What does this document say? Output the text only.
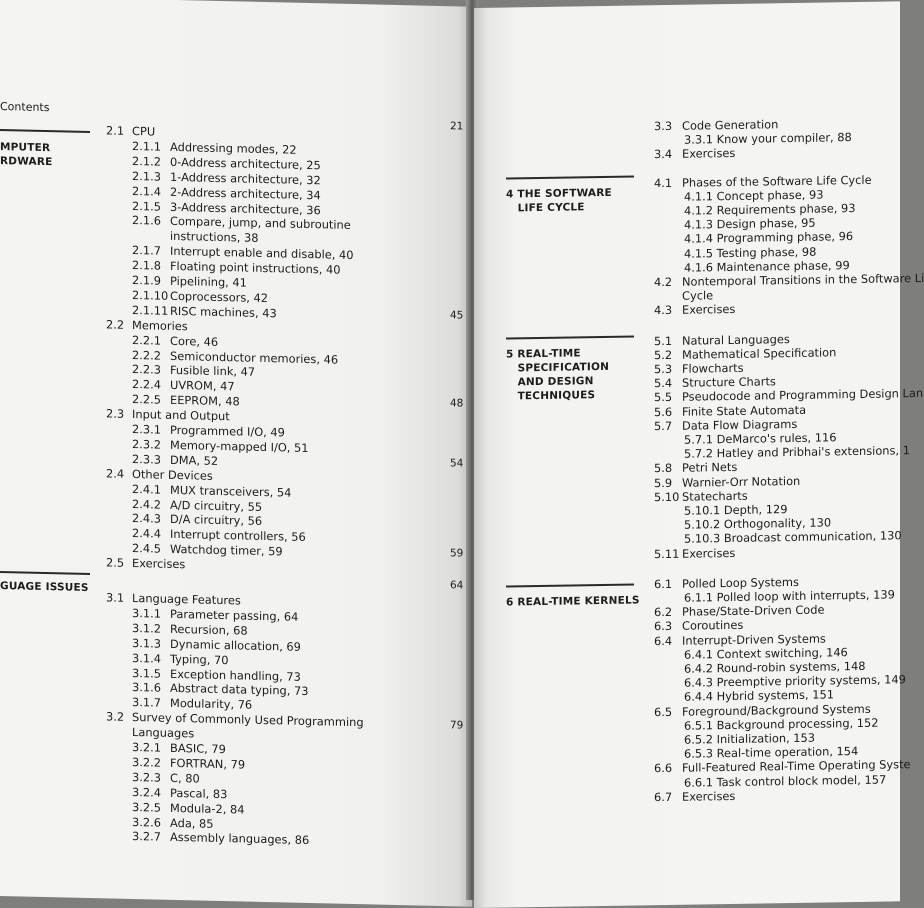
Contents
MPUTER
RDWARE
GUAGE ISSUES
21
45
48
54
59
64
79
2.1 CPU
2.1.1 Addressing modes, 22
2.1.2 0-Address architecture, 25
2.1.3 1-Address architecture, 32
2.1.4 2-Address architecture, 34
2.1.5 3-Address architecture, 36
2.1.6 Compare, jump, and subroutine
instructions, 38
2.1.7 Interrupt enable and disable, 40
2.1.8 Floating point instructions, 40
2.1.9 Pipelining, 41
2.1.10 Coprocessors, 42
2.1.11 RISC machines, 43
2.2 Memories
2.2.1 Core, 46
2.2.2 Semiconductor memories, 46
2.2.3 Fusible link, 47
2.2.4 UVROM, 47
2.2.5 EEPROM, 48
2.3 Input and Output
2.3.1 Programmed I/O, 49
2.3.2 Memory-mapped I/O, 51
2.3.3 DMA, 52
2.4 Other Devices
2.4.1 MUX transceivers, 54
2.4.2 A/D circuitry, 55
2.4.3 D/A circuitry, 56
2.4.4 Interrupt controllers, 56
2.4.5 Watchdog timer, 59
2.5 Exercises
3.1 Language Features
3.1.1 Parameter passing, 64
3.1.2 Recursion, 68
3.1.3 Dynamic allocation, 69
3.1.4 Typing, 70
3.1.5 Exception handling, 73
3.1.6 Abstract data typing, 73
3.1.7 Modularity, 76
3.2 Survey of Commonly Used Programming
Languages
3.2.1 BASIC, 79
3.2.2 FORTRAN, 79
3.2.3 C, 80
3.2.4 Pascal, 83
3.2.5 Modula-2, 84
3.2.6 Ada, 85
3.2.7 Assembly languages, 86
4 THE SOFTWARE
LIFE CYCLE
5 REAL-TIME
SPECIFICATION
AND DESIGN
TECHNIQUES
6 REAL-TIME KERNELS
3.3 Code Generation
3.3.1 Know your compiler, 88
3.4 Exercises
4.1 Phases of the Software Life Cycle
4.1.1 Concept phase, 93
4.1.2 Requirements phase, 93
4.1.3 Design phase, 95
4.1.4 Programming phase, 96
4.1.5 Testing phase, 98
4.1.6 Maintenance phase, 99
4.2 Nontemporal Transitions in the Software Li
Cycle
4.3 Exercises
5.1 Natural Languages
5.2 Mathematical Specification
5.3 Flowcharts
5.4 Structure Charts
5.5 Pseudocode and Programming Design Lan
5.6 Finite State Automata
5.7 Data Flow Diagrams
5.7.1 DeMarco's rules, 116
5.7.2 Hatley and Pribhai's extensions, 1
5.8 Petri Nets
5.9 Warnier-Orr Notation
5.10 Statecharts
5.10.1 Depth, 129
5.10.2 Orthogonality, 130
5.10.3 Broadcast communication, 130
5.11 Exercises
6.1 Polled Loop Systems
6.1.1 Polled loop with interrupts, 139
6.2 Phase/State-Driven Code
6.3 Coroutines
6.4 Interrupt-Driven Systems
6.4.1 Context switching, 146
6.4.2 Round-robin systems, 148
6.4.3 Preemptive priority systems, 149
6.4.4 Hybrid systems, 151
6.5 Foreground/Background Systems
6.5.1 Background processing, 152
6.5.2 Initialization, 153
6.5.3 Real-time operation, 154
6.6 Full-Featured Real-Time Operating Syste
6.6.1 Task control block model, 157
6.7 Exercises
